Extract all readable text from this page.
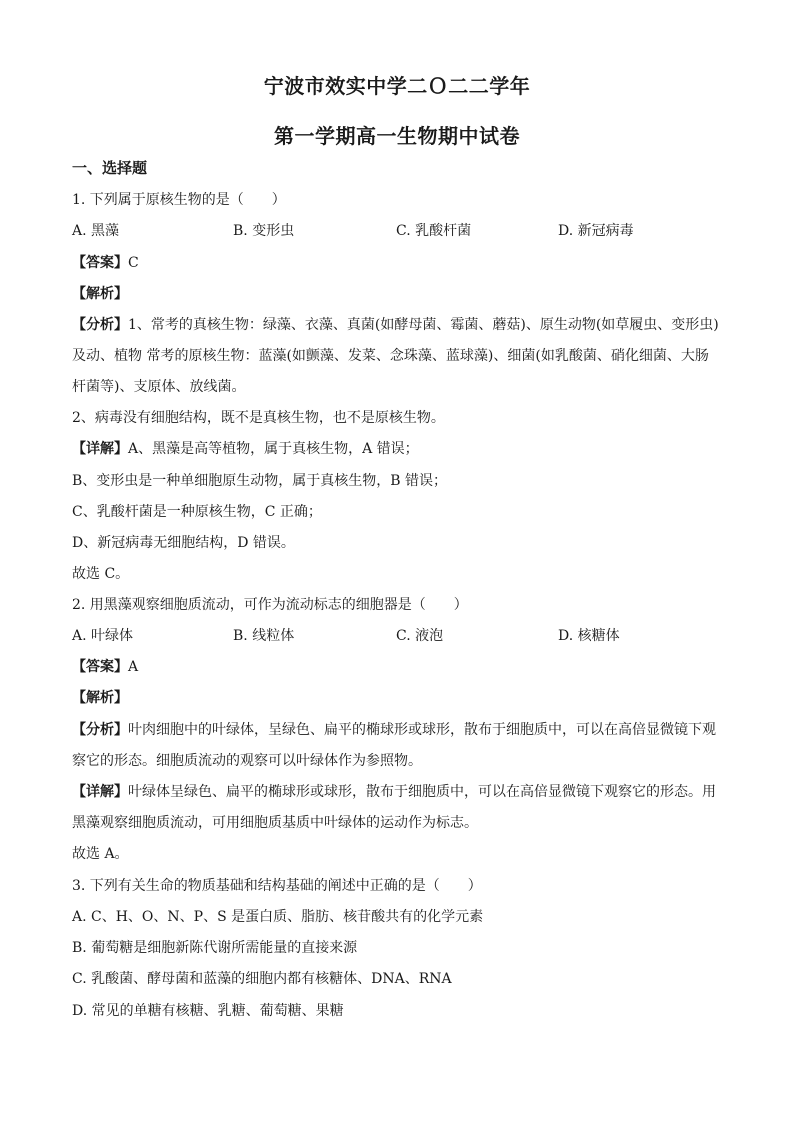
宁波市效实中学二Ｏ二二学年
第一学期高一生物期中试卷
一、选择题
1. 下列属于原核生物的是（　　）
A. 黑藻	B. 变形虫	C. 乳酸杆菌	D. 新冠病毒
【答案】C
【解析】
【分析】1、常考的真核生物：绿藻、衣藻、真菌(如酵母菌、霉菌、蘑菇)、原生动物(如草履虫、变形虫)
及动、植物 常考的原核生物：蓝藻(如颤藻、发菜、念珠藻、蓝球藻)、细菌(如乳酸菌、硝化细菌、大肠
杆菌等)、支原体、放线菌。
2、病毒没有细胞结构，既不是真核生物，也不是原核生物。
【详解】A、黑藻是高等植物，属于真核生物，A 错误；
B、变形虫是一种单细胞原生动物，属于真核生物，B 错误；
C、乳酸杆菌是一种原核生物，C 正确；
D、新冠病毒无细胞结构，D 错误。
故选 C。
2. 用黑藻观察细胞质流动，可作为流动标志的细胞器是（　　）
A. 叶绿体	B. 线粒体	C. 液泡	D. 核糖体
【答案】A
【解析】
【分析】叶肉细胞中的叶绿体，呈绿色、扁平的椭球形或球形，散布于细胞质中，可以在高倍显微镜下观
察它的形态。细胞质流动的观察可以叶绿体作为参照物。
【详解】叶绿体呈绿色、扁平的椭球形或球形，散布于细胞质中，可以在高倍显微镜下观察它的形态。用
黑藻观察细胞质流动，可用细胞质基质中叶绿体的运动作为标志。
故选 A。
3. 下列有关生命的物质基础和结构基础的阐述中正确的是（　　）
A. C、H、O、N、P、S 是蛋白质、脂肪、核苷酸共有的化学元素
B. 葡萄糖是细胞新陈代谢所需能量的直接来源
C. 乳酸菌、酵母菌和蓝藻的细胞内都有核糖体、DNA、RNA
D. 常见的单糖有核糖、乳糖、葡萄糖、果糖
